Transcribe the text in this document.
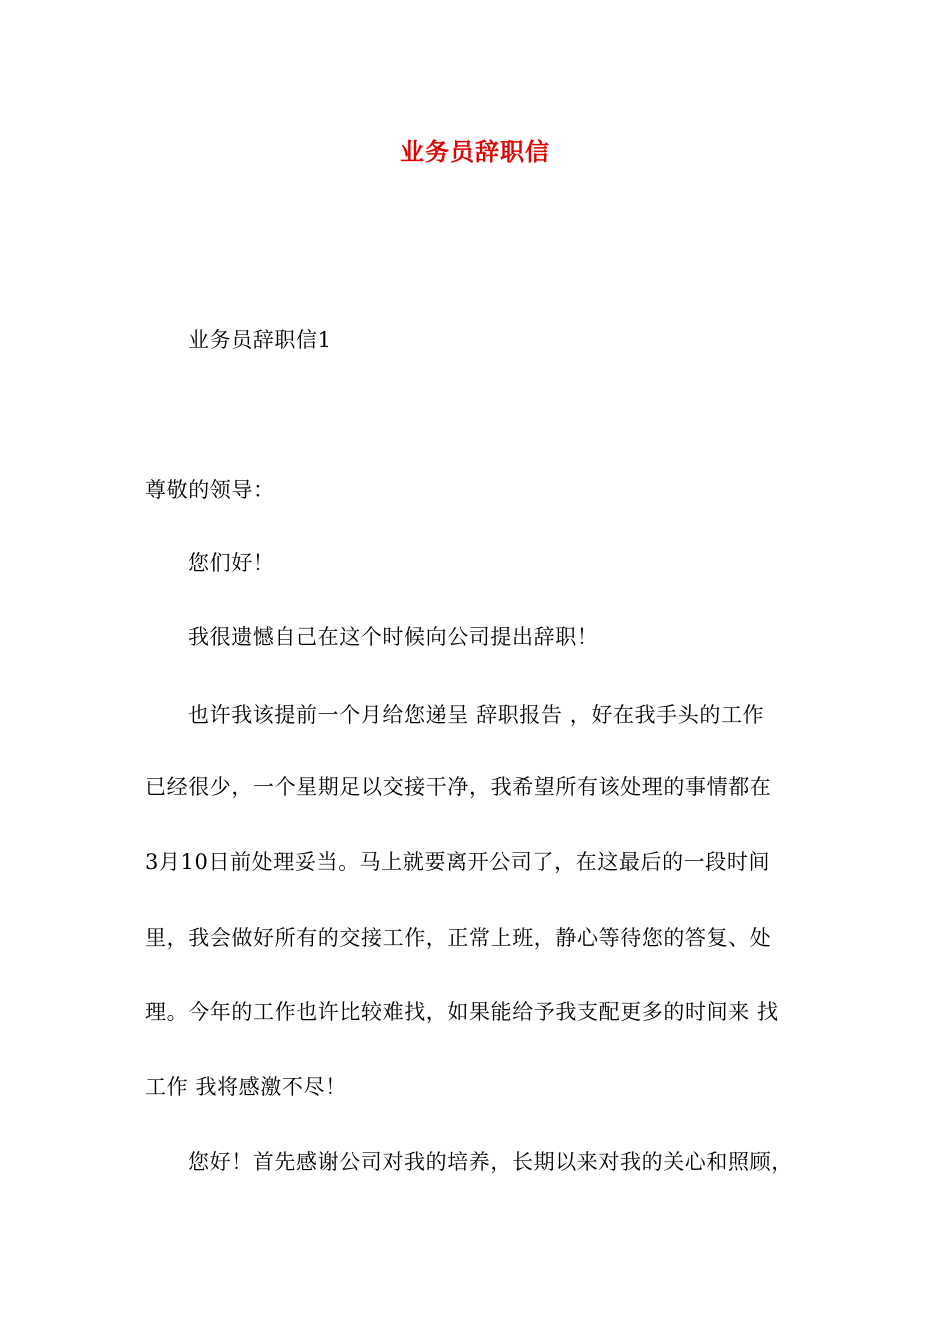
业务员辞职信
业务员辞职信1
尊敬的领导：
您们好！
我很遗憾自己在这个时候向公司提出辞职！
也许我该提前一个月给您递呈 辞职报告 ，好在我手头的工作
已经很少，一个星期足以交接干净，我希望所有该处理的事情都在
3月10日前处理妥当。马上就要离开公司了，在这最后的一段时间
里，我会做好所有的交接工作，正常上班，静心等待您的答复、处
理。今年的工作也许比较难找，如果能给予我支配更多的时间来 找
工作 我将感激不尽！
您好！首先感谢公司对我的培养，长期以来对我的关心和照顾，
